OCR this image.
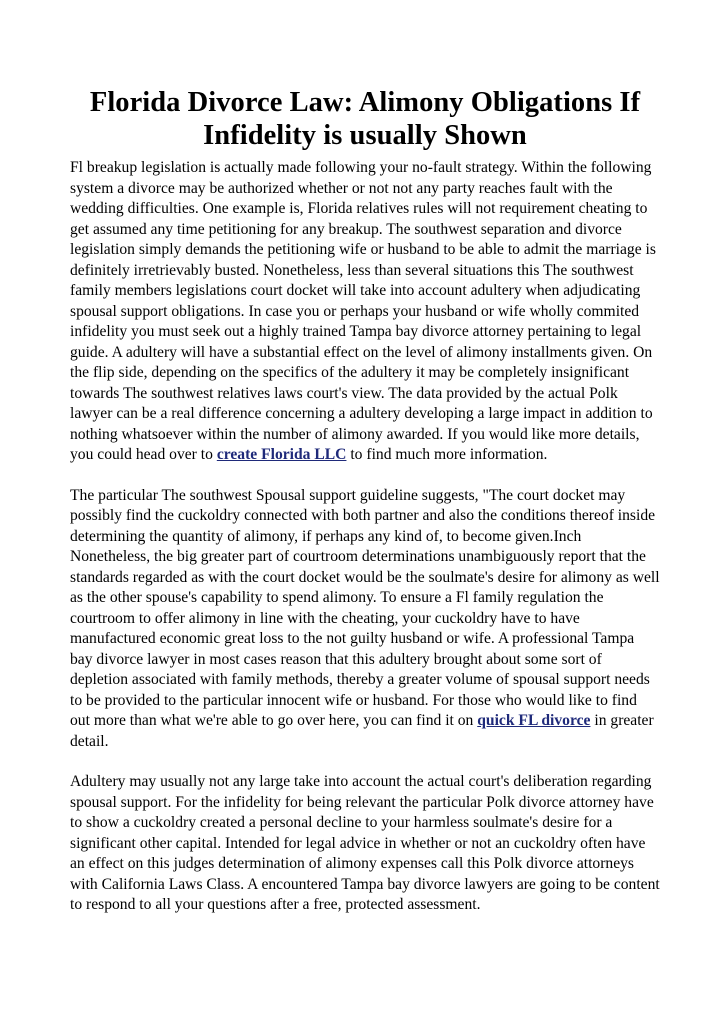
Florida Divorce Law: Alimony Obligations If Infidelity is usually Shown

Fl breakup legislation is actually made following your no-fault strategy. Within the following system a divorce may be authorized whether or not not any party reaches fault with the wedding difficulties. One example is, Florida relatives rules will not requirement cheating to get assumed any time petitioning for any breakup. The southwest separation and divorce legislation simply demands the petitioning wife or husband to be able to admit the marriage is definitely irretrievably busted. Nonetheless, less than several situations this The southwest family members legislations court docket will take into account adultery when adjudicating spousal support obligations. In case you or perhaps your husband or wife wholly commited infidelity you must seek out a highly trained Tampa bay divorce attorney pertaining to legal guide. A adultery will have a substantial effect on the level of alimony installments given. On the flip side, depending on the specifics of the adultery it may be completely insignificant towards The southwest relatives laws court's view. The data provided by the actual Polk lawyer can be a real difference concerning a adultery developing a large impact in addition to nothing whatsoever within the number of alimony awarded. If you would like more details, you could head over to create Florida LLC to find much more information.

The particular The southwest Spousal support guideline suggests, "The court docket may possibly find the cuckoldry connected with both partner and also the conditions thereof inside determining the quantity of alimony, if perhaps any kind of, to become given.Inch Nonetheless, the big greater part of courtroom determinations unambiguously report that the standards regarded as with the court docket would be the soulmate's desire for alimony as well as the other spouse's capability to spend alimony. To ensure a Fl family regulation the courtroom to offer alimony in line with the cheating, your cuckoldry have to have manufactured economic great loss to the not guilty husband or wife. A professional Tampa bay divorce lawyer in most cases reason that this adultery brought about some sort of depletion associated with family methods, thereby a greater volume of spousal support needs to be provided to the particular innocent wife or husband. For those who would like to find out more than what we're able to go over here, you can find it on quick FL divorce in greater detail.

Adultery may usually not any large take into account the actual court's deliberation regarding spousal support. For the infidelity for being relevant the particular Polk divorce attorney have to show a cuckoldry created a personal decline to your harmless soulmate's desire for a significant other capital. Intended for legal advice in whether or not an cuckoldry often have an effect on this judges determination of alimony expenses call this Polk divorce attorneys with California Laws Class. A encountered Tampa bay divorce lawyers are going to be content to respond to all your questions after a free, protected assessment.
